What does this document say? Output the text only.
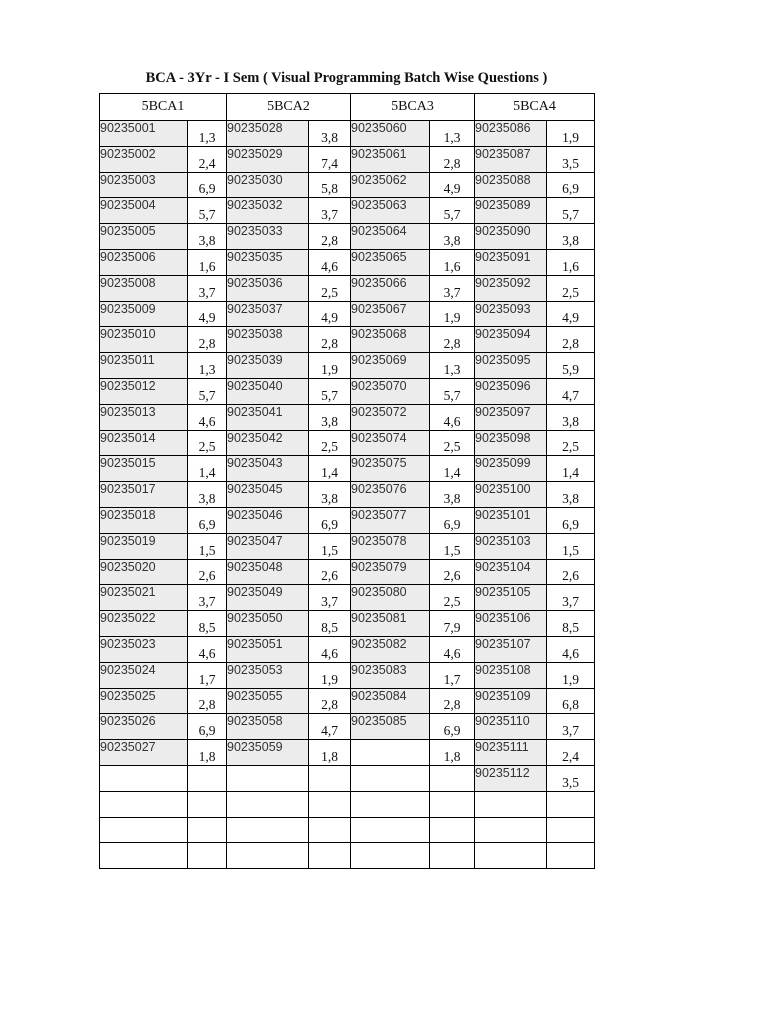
BCA - 3Yr - I Sem ( Visual Programming Batch Wise Questions )
5BCA1		5BCA2		5BCA3		5BCA4	
90235001	1,3	90235028	3,8	90235060	1,3	90235086	1,9
90235002	2,4	90235029	7,4	90235061	2,8	90235087	3,5
90235003	6,9	90235030	5,8	90235062	4,9	90235088	6,9
90235004	5,7	90235032	3,7	90235063	5,7	90235089	5,7
90235005	3,8	90235033	2,8	90235064	3,8	90235090	3,8
90235006	1,6	90235035	4,6	90235065	1,6	90235091	1,6
90235008	3,7	90235036	2,5	90235066	3,7	90235092	2,5
90235009	4,9	90235037	4,9	90235067	1,9	90235093	4,9
90235010	2,8	90235038	2,8	90235068	2,8	90235094	2,8
90235011	1,3	90235039	1,9	90235069	1,3	90235095	5,9
90235012	5,7	90235040	5,7	90235070	5,7	90235096	4,7
90235013	4,6	90235041	3,8	90235072	4,6	90235097	3,8
90235014	2,5	90235042	2,5	90235074	2,5	90235098	2,5
90235015	1,4	90235043	1,4	90235075	1,4	90235099	1,4
90235017	3,8	90235045	3,8	90235076	3,8	90235100	3,8
90235018	6,9	90235046	6,9	90235077	6,9	90235101	6,9
90235019	1,5	90235047	1,5	90235078	1,5	90235103	1,5
90235020	2,6	90235048	2,6	90235079	2,6	90235104	2,6
90235021	3,7	90235049	3,7	90235080	2,5	90235105	3,7
90235022	8,5	90235050	8,5	90235081	7,9	90235106	8,5
90235023	4,6	90235051	4,6	90235082	4,6	90235107	4,6
90235024	1,7	90235053	1,9	90235083	1,7	90235108	1,9
90235025	2,8	90235055	2,8	90235084	2,8	90235109	6,8
90235026	6,9	90235058	4,7	90235085	6,9	90235110	3,7
90235027	1,8	90235059	1,8		1,8	90235111	2,4
						90235112	3,5
